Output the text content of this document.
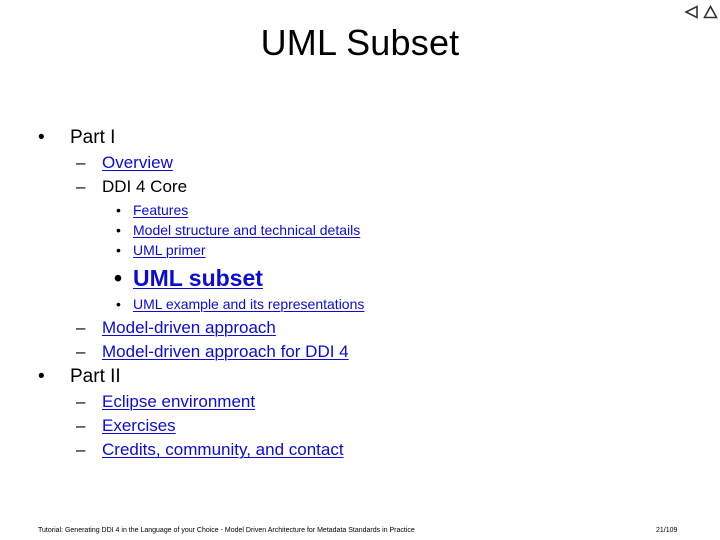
UML Subset
• Part I
– Overview
– DDI 4 Core
• Features
• Model structure and technical details
• UML primer
• UML subset
• UML example and its representations
– Model-driven approach
– Model-driven approach for DDI 4
• Part II
– Eclipse environment
– Exercises
– Credits, community, and contact
Tutorial: Generating DDI 4 in the Language of your Choice - Model Driven Architecture for Metadata Standards in Practice	21/109
